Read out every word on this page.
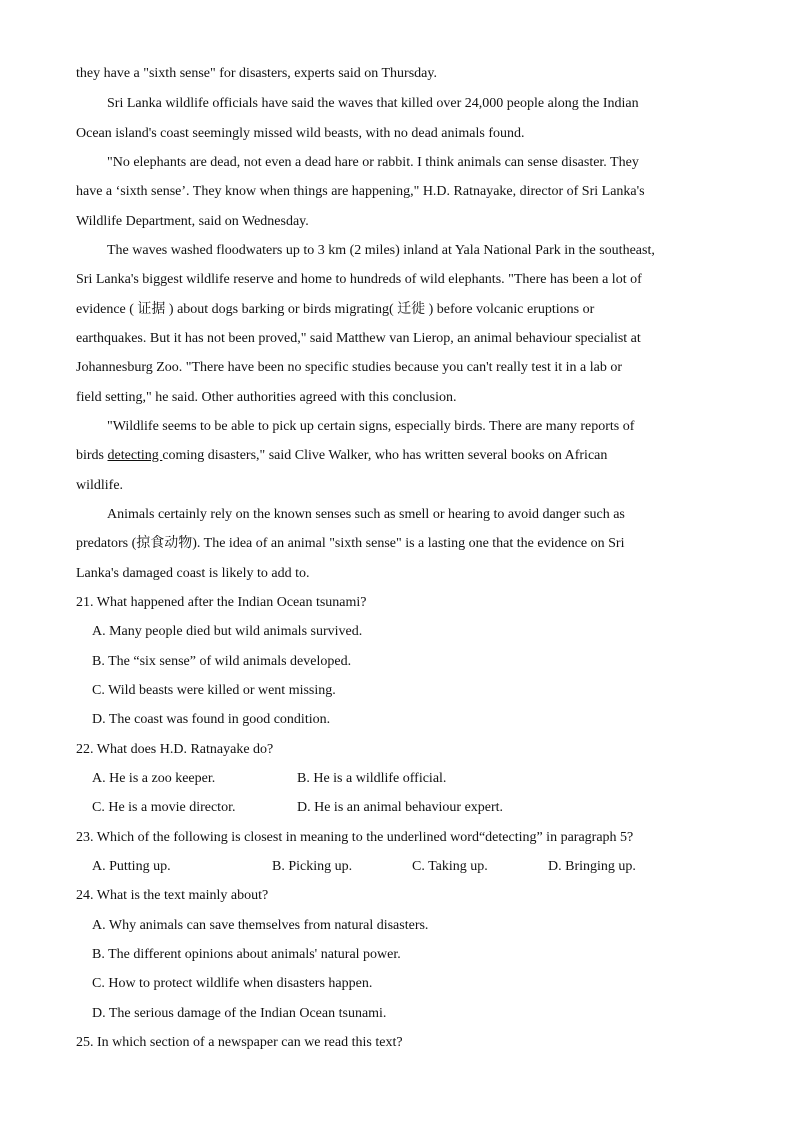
they have a "sixth sense" for disasters, experts said on Thursday.
Sri Lanka wildlife officials have said the waves that killed over 24,000 people along the Indian
Ocean island's coast seemingly missed wild beasts, with no dead animals found.
"No elephants are dead, not even a dead hare or rabbit. I think animals can sense disaster. They
have a ‘sixth sense’. They know when things are happening," H.D. Ratnayake, director of Sri Lanka's
Wildlife Department, said on Wednesday.
The waves washed floodwaters up to 3 km (2 miles) inland at Yala National Park in the southeast,
Sri Lanka's biggest wildlife reserve and home to hundreds of wild elephants. "There has been a lot of
evidence ( 证据 ) about dogs barking or birds migrating( 迁徙 ) before volcanic eruptions or
earthquakes. But it has not been proved," said Matthew van Lierop, an animal behaviour specialist at
Johannesburg Zoo. "There have been no specific studies because you can't really test it in a lab or
field setting," he said. Other authorities agreed with this conclusion.
"Wildlife seems to be able to pick up certain signs, especially birds. There are many reports of
birds detecting coming disasters," said Clive Walker, who has written several books on African
wildlife.
Animals certainly rely on the known senses such as smell or hearing to avoid danger such as
predators (掠食动物). The idea of an animal "sixth sense" is a lasting one that the evidence on Sri
Lanka's damaged coast is likely to add to.
21. What happened after the Indian Ocean tsunami?
A. Many people died but wild animals survived.
B. The “six sense” of wild animals developed.
C. Wild beasts were killed or went missing.
D. The coast was found in good condition.
22. What does H.D. Ratnayake do?
A. He is a zoo keeper.	B. He is a wildlife official.
C. He is a movie director.	D. He is an animal behaviour expert.
23. Which of the following is closest in meaning to the underlined word“detecting” in paragraph 5?
A. Putting up.	B. Picking up.	C. Taking up.	D. Bringing up.
24. What is the text mainly about?
A. Why animals can save themselves from natural disasters.
B. The different opinions about animals' natural power.
C. How to protect wildlife when disasters happen.
D. The serious damage of the Indian Ocean tsunami.
25. In which section of a newspaper can we read this text?
